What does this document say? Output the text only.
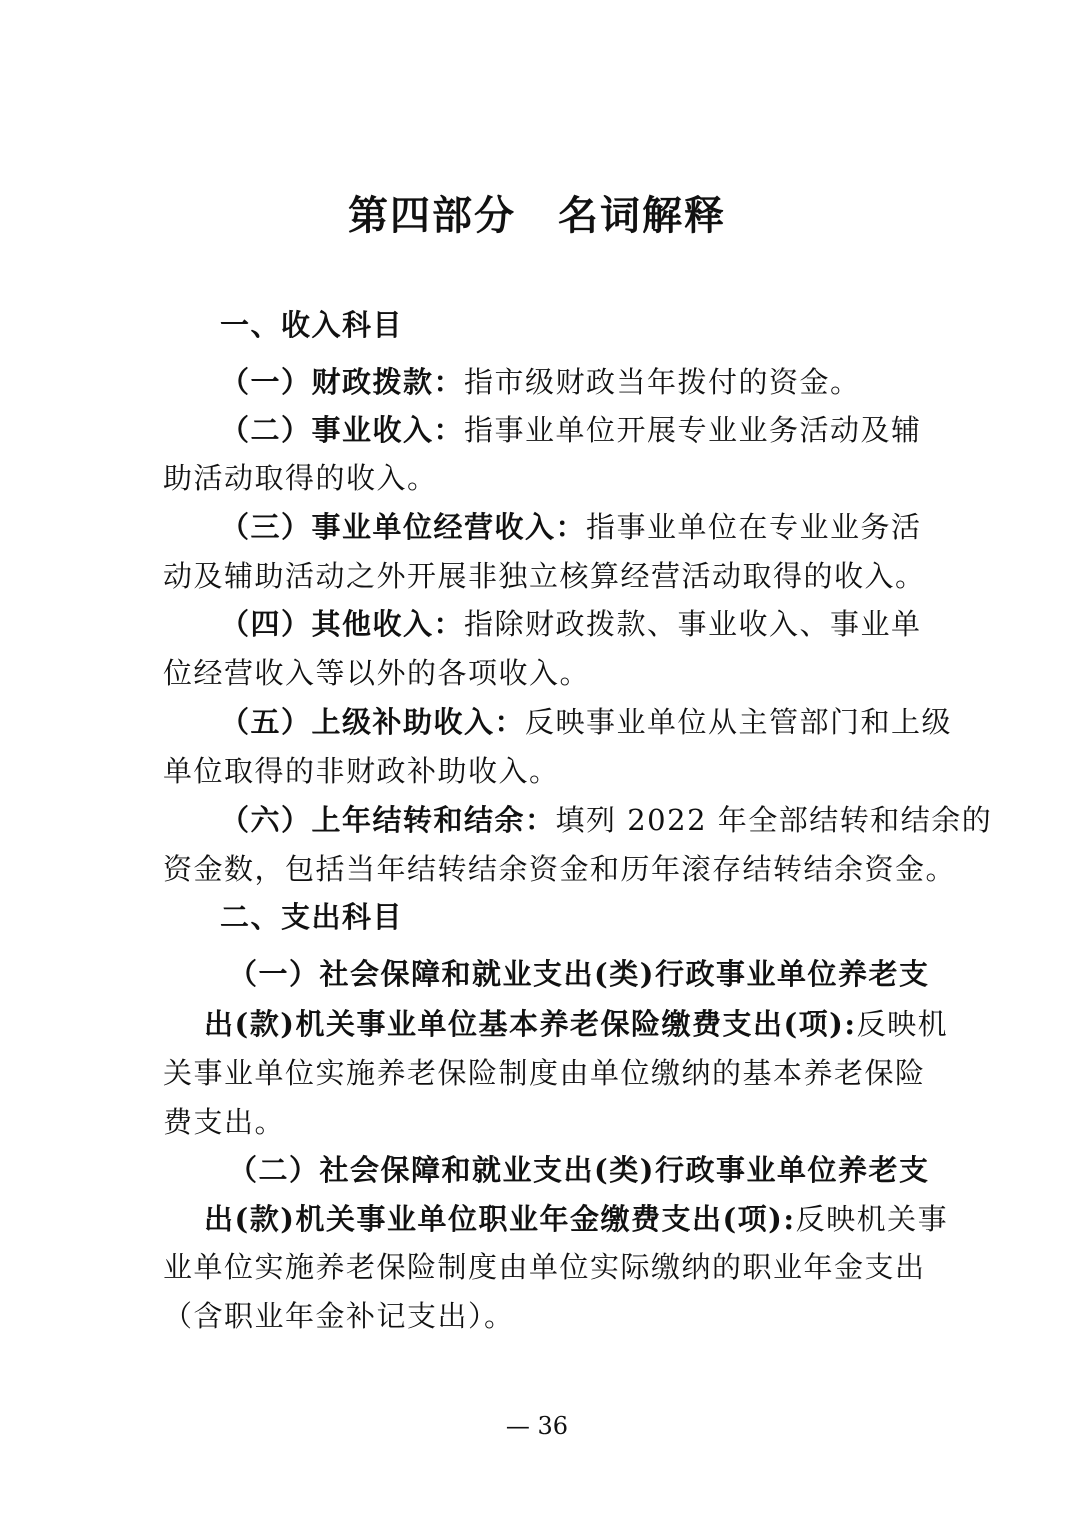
第四部分　名词解释
一、收入科目
（一）财政拨款：指市级财政当年拨付的资金。
（二）事业收入：指事业单位开展专业业务活动及辅
助活动取得的收入。
（三）事业单位经营收入：指事业单位在专业业务活
动及辅助活动之外开展非独立核算经营活动取得的收入。
（四）其他收入：指除财政拨款、事业收入、事业单
位经营收入等以外的各项收入。
（五）上级补助收入：反映事业单位从主管部门和上级
单位取得的非财政补助收入。
（六）上年结转和结余：填列 2022 年全部结转和结余的
资金数，包括当年结转结余资金和历年滚存结转结余资金。
二、支出科目
（一）社会保障和就业支出(类)行政事业单位养老支
出(款)机关事业单位基本养老保险缴费支出(项):反映机
关事业单位实施养老保险制度由单位缴纳的基本养老保险
费支出。
（二）社会保障和就业支出(类)行政事业单位养老支
出(款)机关事业单位职业年金缴费支出(项):反映机关事
业单位实施养老保险制度由单位实际缴纳的职业年金支出
（含职业年金补记支出）。
— 36
